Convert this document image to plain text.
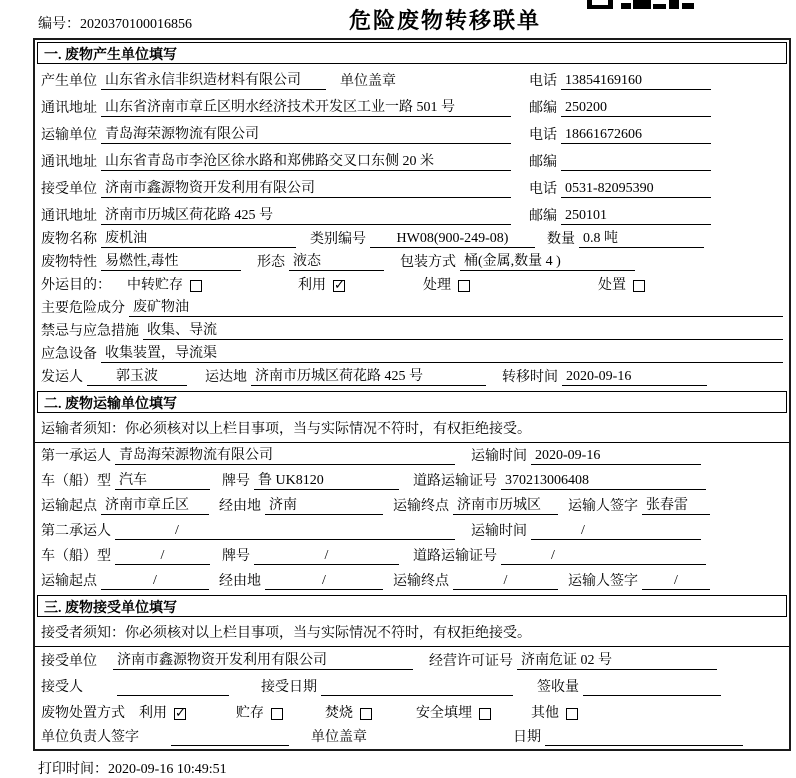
编号：2020370100016856	危险废物转移联单
一. 废物产生单位填写
产生单位 山东省永信非织造材料有限公司	单位盖章	电话 13854169160
通讯地址 山东省济南市章丘区明水经济技术开发区工业一路 501 号	邮编 250200
运输单位 青岛海荣源物流有限公司	电话 18661672606
通讯地址 山东省青岛市李沧区徐水路和郑佛路交叉口东侧 20 米	邮编
接受单位 济南市鑫源物资开发利用有限公司	电话 0531-82095390
通讯地址 济南市历城区荷花路 425 号	邮编 250101
废物名称 废机油	类别编号	HW08(900-249-08)	数量 0.8 吨
废物特性 易燃性,毒性	形态 液态	包装方式 桶(金属,数量 4 )
外运目的： 中转贮存	利用 ✓	处理	处置
主要危险成分 废矿物油
禁忌与应急措施 收集、导流
应急设备 收集装置，导流渠
发运人	郭玉波	运达地 济南市历城区荷花路 425 号	转移时间 2020-09-16
二. 废物运输单位填写
运输者须知：你必须核对以上栏目事项，当与实际情况不符时，有权拒绝接受。
第一承运人 青岛海荣源物流有限公司	运输时间 2020-09-16
车（船）型 汽车	牌号 鲁 UK8120	道路运输证号 370213006408
运输起点 济南市章丘区	经由地 济南	运输终点 济南市历城区	运输人签字 张春雷
第二承运人	/	运输时间	/
车（船）型	/	牌号	/	道路运输证号	/
运输起点	/	经由地	/	运输终点	/	运输人签字	/
三. 废物接受单位填写
接受者须知：你必须核对以上栏目事项，当与实际情况不符时，有权拒绝接受。
接受单位 济南市鑫源物资开发利用有限公司	经营许可证号 济南危证 02 号
接受人	接受日期	签收量
废物处置方式 利用 ✓	贮存	焚烧	安全填埋	其他
单位负责人签字	单位盖章	日期
打印时间：2020-09-16 10:49:51
